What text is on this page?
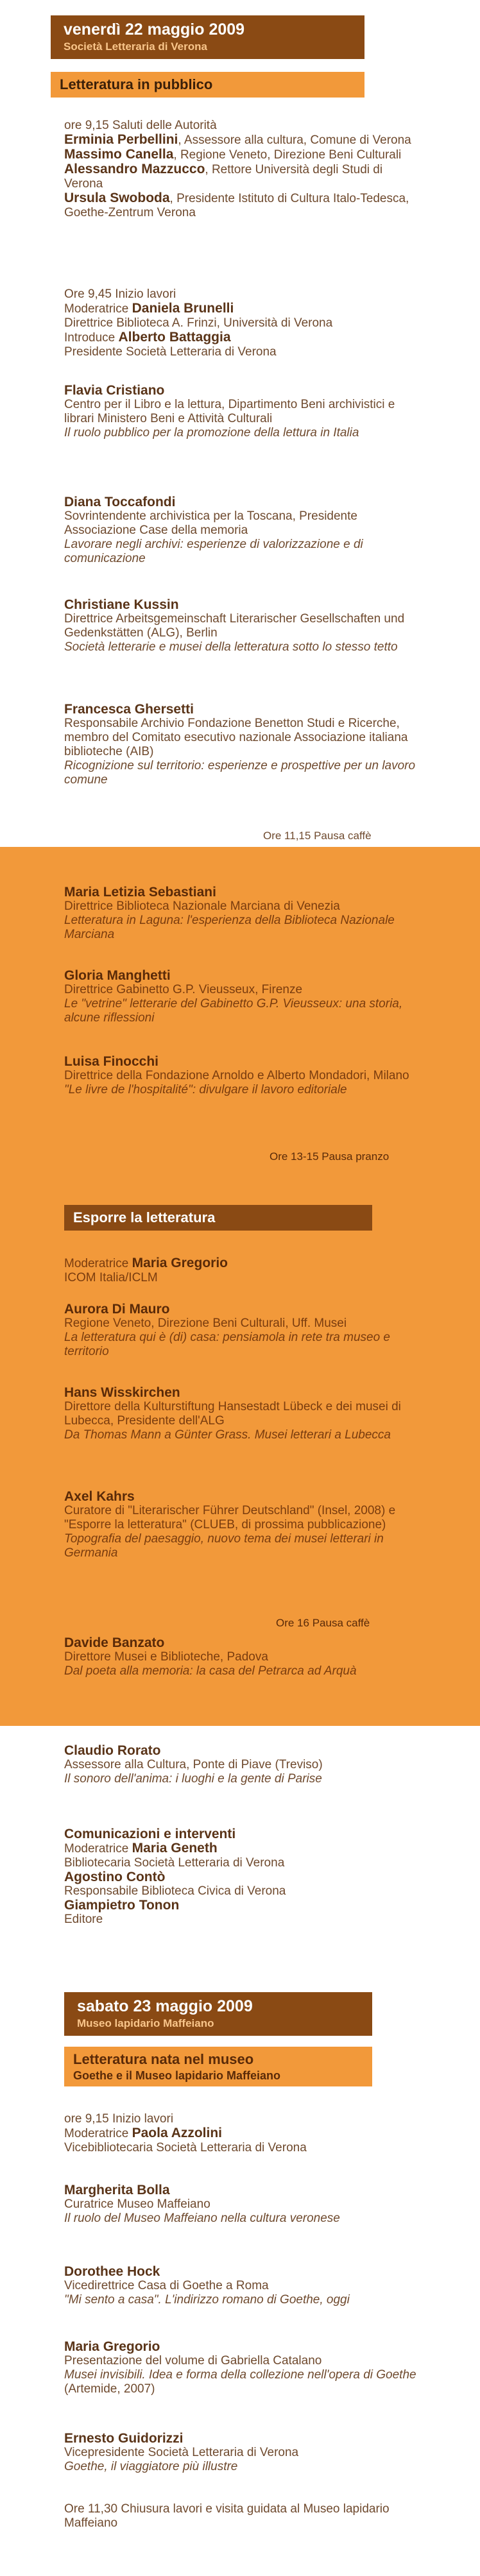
venerdì 22 maggio 2009
Società Letteraria di Verona
Letteratura in pubblico

ore 9,15 Saluti delle Autorità

Erminia Perbellini, Assessore alla cultura, Comune di Verona

Massimo Canella, Regione Veneto, Direzione Beni Culturali

Alessandro Mazzucco, Rettore Università degli Studi di Verona

Ursula Swoboda, Presidente Istituto di Cultura Italo-Tedesca, Goethe-Zentrum Verona

Ore 9,45 Inizio lavori

Moderatrice Daniela Brunelli

Direttrice Biblioteca A. Frinzi, Università di Verona

Introduce Alberto Battaggia

Presidente Società Letteraria di Verona

Flavia Cristiano

Centro per il Libro e la lettura, Dipartimento Beni archivistici e librari Ministero Beni e Attività Culturali

Il ruolo pubblico per la promozione della lettura in Italia

Diana Toccafondi

Sovrintendente archivistica per la Toscana, Presidente Associazione Case della memoria

Lavorare negli archivi: esperienze di valorizzazione e di comunicazione

Christiane Kussin

Direttrice Arbeitsgemeinschaft Literarischer Gesellschaften und Gedenkstätten (ALG), Berlin

Società letterarie e musei della letteratura sotto lo stesso tetto

Francesca Ghersetti

Responsabile Archivio Fondazione Benetton Studi e Ricerche, membro del Comitato esecutivo nazionale Associazione italiana biblioteche (AIB)

Ricognizione sul territorio: esperienze e prospettive per un lavoro comune

Ore 11,15 Pausa caffè

Maria Letizia Sebastiani

Direttrice Biblioteca Nazionale Marciana di Venezia

Letteratura in Laguna: l'esperienza della Biblioteca Nazionale Marciana

Gloria Manghetti

Direttrice Gabinetto G.P. Vieusseux, Firenze

Le "vetrine" letterarie del Gabinetto G.P. Vieusseux: una storia, alcune riflessioni

Luisa Finocchi

Direttrice della Fondazione Arnoldo e Alberto Mondadori, Milano

"Le livre de l'hospitalité": divulgare il lavoro editoriale

Ore 13-15 Pausa pranzo
Esporre la letteratura

Moderatrice Maria Gregorio

ICOM Italia/ICLM

Aurora Di Mauro

Regione Veneto, Direzione Beni Culturali, Uff. Musei

La letteratura qui è (di) casa: pensiamola in rete tra museo e territorio

Hans Wisskirchen

Direttore della Kulturstiftung Hansestadt Lübeck e dei musei di Lubecca, Presidente dell'ALG

Da Thomas Mann a Günter Grass. Musei letterari a Lubecca

Axel Kahrs

Curatore di "Literarischer Führer Deutschland" (Insel, 2008) e "Esporre la letteratura" (CLUEB, di prossima pubblicazione)

Topografia del paesaggio, nuovo tema dei musei letterari in Germania

Ore 16 Pausa caffè

Davide Banzato

Direttore Musei e Biblioteche, Padova

Dal poeta alla memoria: la casa del Petrarca ad Arquà

Claudio Rorato

Assessore alla Cultura, Ponte di Piave (Treviso)

Il sonoro dell'anima: i luoghi e la gente di Parise

Comunicazioni e interventi

Moderatrice Maria Geneth

Bibliotecaria Società Letteraria di Verona

Agostino Contò

Responsabile Biblioteca Civica di Verona

Giampietro Tonon

Editore

sabato 23 maggio 2009
Museo lapidario Maffeiano
Letteratura nata nel museo
Goethe e il Museo lapidario Maffeiano

ore 9,15 Inizio lavori

Moderatrice Paola Azzolini

Vicebibliotecaria Società Letteraria di Verona

Margherita Bolla

Curatrice Museo Maffeiano

Il ruolo del Museo Maffeiano nella cultura veronese

Dorothee Hock

Vicedirettrice Casa di Goethe a Roma

"Mi sento a casa". L'indirizzo romano di Goethe, oggi

Maria Gregorio

Presentazione del volume di Gabriella Catalano

Musei invisibili. Idea e forma della collezione nell'opera di Goethe (Artemide, 2007)

Ernesto Guidorizzi

Vicepresidente Società Letteraria di Verona

Goethe, il viaggiatore più illustre

Ore 11,30 Chiusura lavori e visita guidata al Museo lapidario Maffeiano
